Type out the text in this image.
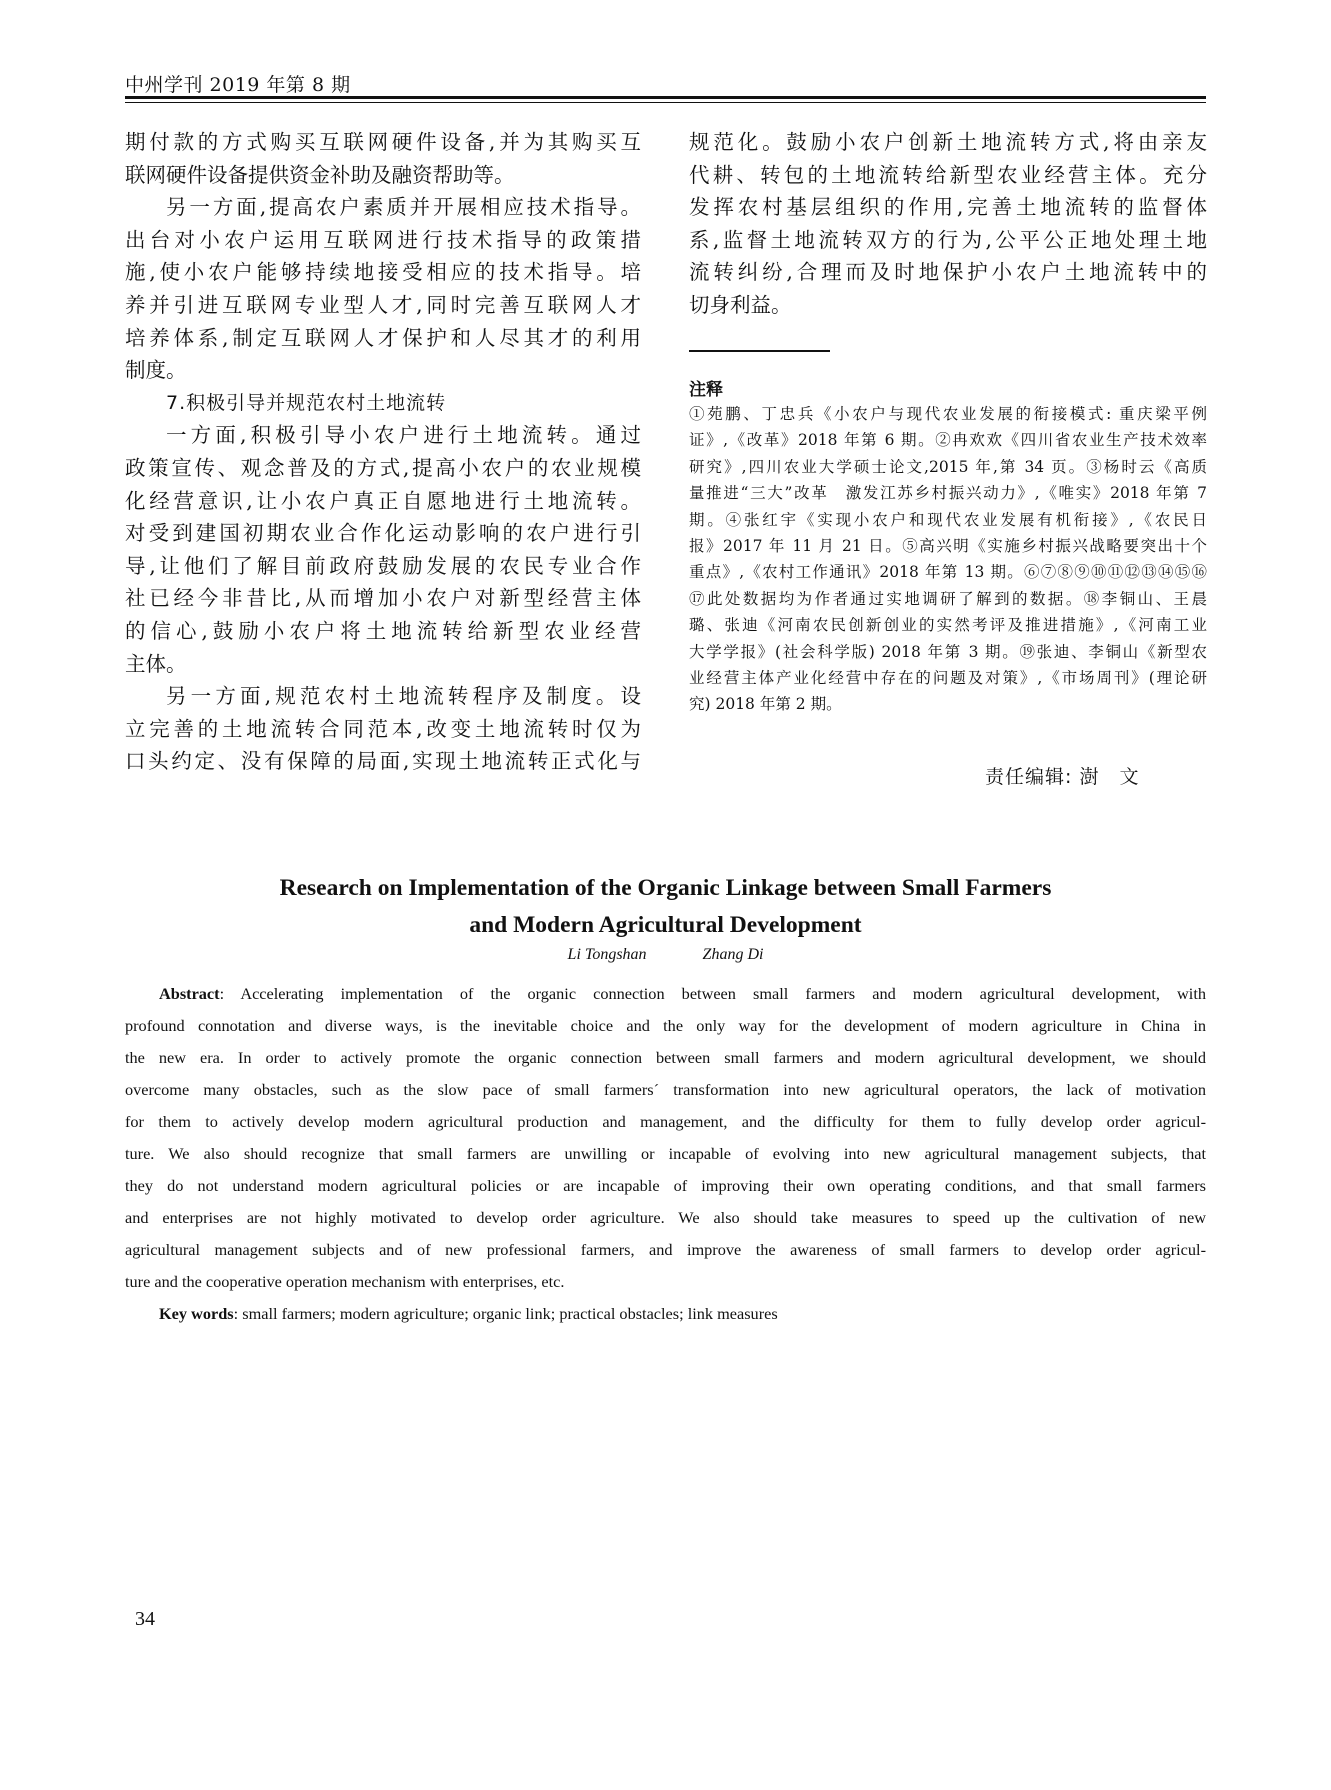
中州学刊 2019 年第 8 期
期付款的方式购买互联网硬件设备,并为其购买互
联网硬件设备提供资金补助及融资帮助等。
另一方面,提高农户素质并开展相应技术指导。
出台对小农户运用互联网进行技术指导的政策措
施,使小农户能够持续地接受相应的技术指导。培
养并引进互联网专业型人才,同时完善互联网人才
培养体系,制定互联网人才保护和人尽其才的利用
制度。
7.积极引导并规范农村土地流转
一方面,积极引导小农户进行土地流转。通过
政策宣传、观念普及的方式,提高小农户的农业规模
化经营意识,让小农户真正自愿地进行土地流转。
对受到建国初期农业合作化运动影响的农户进行引
导,让他们了解目前政府鼓励发展的农民专业合作
社已经今非昔比,从而增加小农户对新型经营主体
的信心,鼓励小农户将土地流转给新型农业经营
主体。
另一方面,规范农村土地流转程序及制度。设
立完善的土地流转合同范本,改变土地流转时仅为
口头约定、没有保障的局面,实现土地流转正式化与
规范化。鼓励小农户创新土地流转方式,将由亲友
代耕、转包的土地流转给新型农业经营主体。充分
发挥农村基层组织的作用,完善土地流转的监督体
系,监督土地流转双方的行为,公平公正地处理土地
流转纠纷,合理而及时地保护小农户土地流转中的
切身利益。
注释
①苑鹏、丁忠兵《小农户与现代农业发展的衔接模式: 重庆梁平例
证》,《改革》2018 年第 6 期。②冉欢欢《四川省农业生产技术效率
研究》,四川农业大学硕士论文,2015 年,第 34 页。③杨时云《高质
量推进“三大”改革　激发江苏乡村振兴动力》,《唯实》2018 年第 7
期。④张红宇《实现小农户和现代农业发展有机衔接》,《农民日
报》2017 年 11 月 21 日。⑤高兴明《实施乡村振兴战略要突出十个
重点》,《农村工作通讯》2018 年第 13 期。⑥⑦⑧⑨⑩⑪⑫⑬⑭⑮⑯
⑰此处数据均为作者通过实地调研了解到的数据。⑱李铜山、王晨
璐、张迪《河南农民创新创业的实然考评及推进措施》,《河南工业
大学学报》(社会科学版) 2018 年第 3 期。⑲张迪、李铜山《新型农
业经营主体产业化经营中存在的问题及对策》,《市场周刊》(理论研
究) 2018 年第 2 期。
责任编辑: 澍　文
Research on Implementation of the Organic Linkage between Small Farmers
and Modern Agricultural Development
Li Tongshan	Zhang Di
Abstract: Accelerating implementation of the organic connection between small farmers and modern agricultural development, with
profound connotation and diverse ways, is the inevitable choice and the only way for the development of modern agriculture in China in
the new era. In order to actively promote the organic connection between small farmers and modern agricultural development, we should
overcome many obstacles, such as the slow pace of small farmers´ transformation into new agricultural operators, the lack of motivation
for them to actively develop modern agricultural production and management, and the difficulty for them to fully develop order agricul-
ture. We also should recognize that small farmers are unwilling or incapable of evolving into new agricultural management subjects, that
they do not understand modern agricultural policies or are incapable of improving their own operating conditions, and that small farmers
and enterprises are not highly motivated to develop order agriculture. We also should take measures to speed up the cultivation of new
agricultural management subjects and of new professional farmers, and improve the awareness of small farmers to develop order agricul-
ture and the cooperative operation mechanism with enterprises, etc.
Key words: small farmers; modern agriculture; organic link; practical obstacles; link measures
34
